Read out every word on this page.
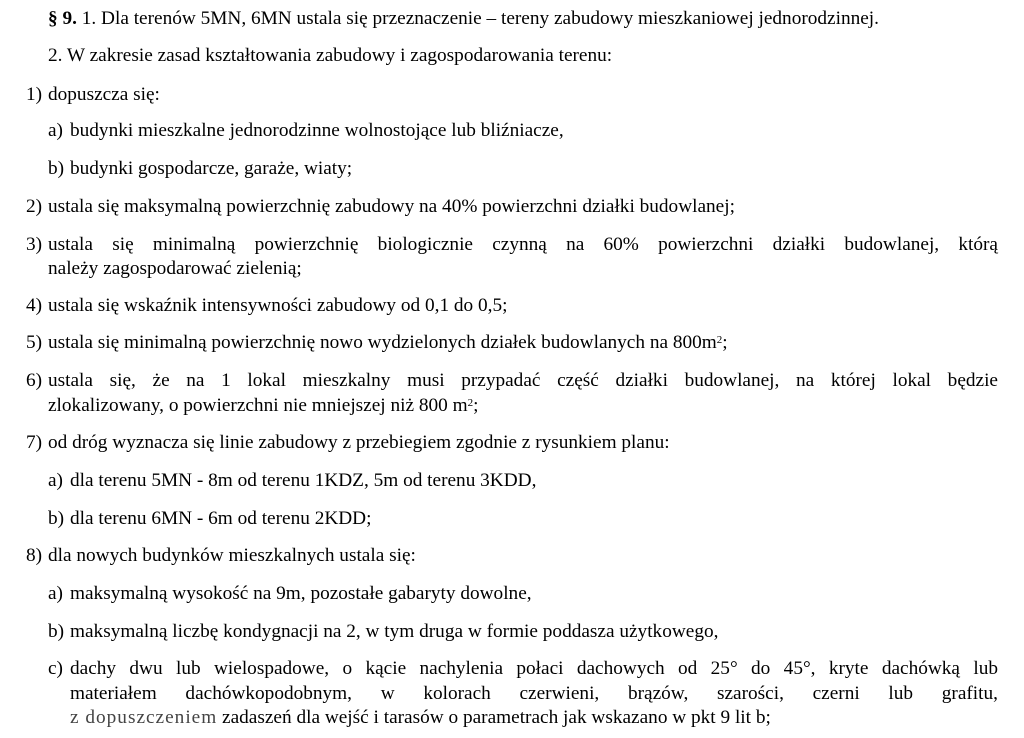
§ 9. 1. Dla terenów 5MN, 6MN ustala się przeznaczenie – tereny zabudowy mieszkaniowej jednorodzinnej.
2. W zakresie zasad kształtowania zabudowy i zagospodarowania terenu:
1) dopuszcza się:
a) budynki mieszkalne jednorodzinne wolnostojące lub bliźniacze,
b) budynki gospodarcze, garaże, wiaty;
2) ustala się maksymalną powierzchnię zabudowy na 40% powierzchni działki budowlanej;
3) ustala się minimalną powierzchnię biologicznie czynną na 60% powierzchni działki budowlanej, którą
należy zagospodarować zielenią;
4) ustala się wskaźnik intensywności zabudowy od 0,1 do 0,5;
5) ustala się minimalną powierzchnię nowo wydzielonych działek budowlanych na $800m^2$;
6) ustala się, że na 1 lokal mieszkalny musi przypadać część działki budowlanej, na której lokal będzie
zlokalizowany, o powierzchni nie mniejszej niż 800 $m^2$;
7) od dróg wyznacza się linie zabudowy z przebiegiem zgodnie z rysunkiem planu:
a) dla terenu 5MN - 8m od terenu 1KDZ, 5m od terenu 3KDD,
b) dla terenu 6MN - 6m od terenu 2KDD;
8) dla nowych budynków mieszkalnych ustala się:
a) maksymalną wysokość na 9m, pozostałe gabaryty dowolne,
b) maksymalną liczbę kondygnacji na 2, w tym druga w formie poddasza użytkowego,
c) dachy dwu lub wielospadowe, o kącie nachylenia połaci dachowych od 25° do 45°, kryte dachówką lub
materiałem dachówkopodobnym, w kolorach czerwieni, brązów, szarości, czerni lub grafitu,
z dopuszczeniem zadaszeń dla wejść i tarasów o parametrach jak wskazano w pkt 9 lit b;
